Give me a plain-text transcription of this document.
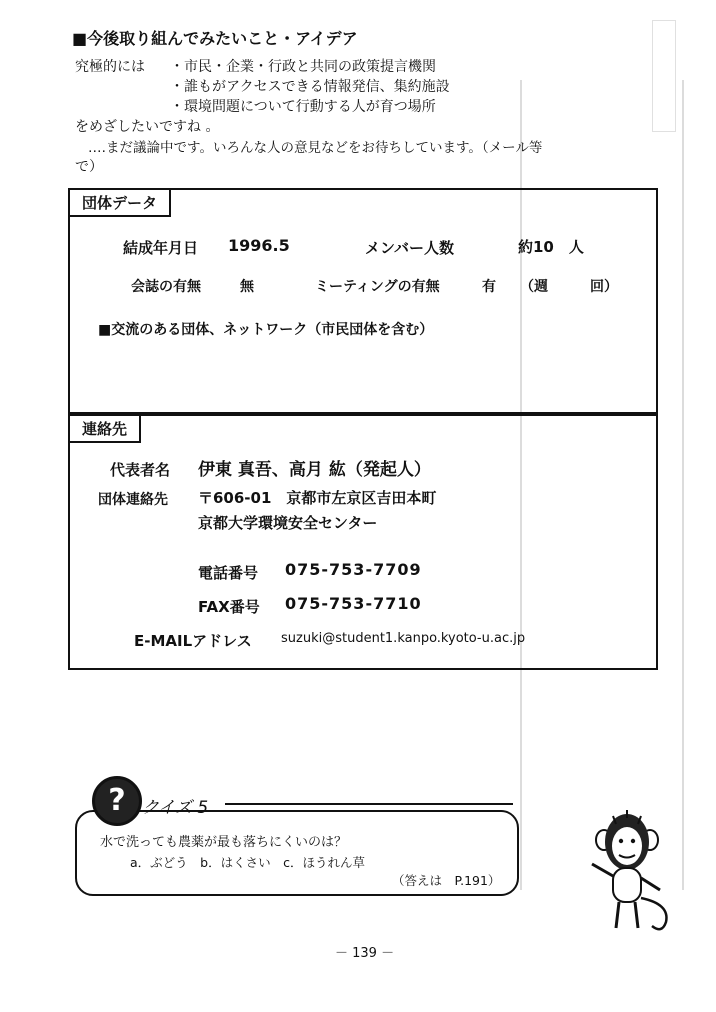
■今後取り組んでみたいこと・アイデア
究極的には ・市民・企業・行政と共同の政策提言機関
・誰もがアクセスできる情報発信、集約施設
・環境問題について行動する人が育つ場所
をめざしたいですね 。
‥‥まだ議論中です。いろんな人の意見などをお待ちしています。（メール等
で）
団体データ
結成年月日 1996.5	メンバー人数	約10　人
会誌の有無	無	ミーティングの有無	有 （週　　　回）
■交流のある団体、ネットワーク（市民団体を含む）
連絡先
代表者名 伊東 真吾、高月 紘（発起人）
団体連絡先 〒606-01　京都市左京区吉田本町
京都大学環境安全センター
電話番号 075-753-7709
FAX番号 075-753-7710
E-MAILアドレス suzuki@student1.kanpo.kyoto-u.ac.jp
? クイズ 5
水で洗っても農薬が最も落ちにくいのは？
a．ぶどう　b．はくさい　c．ほうれん草
（答えは　P.191）
－ 139 －
